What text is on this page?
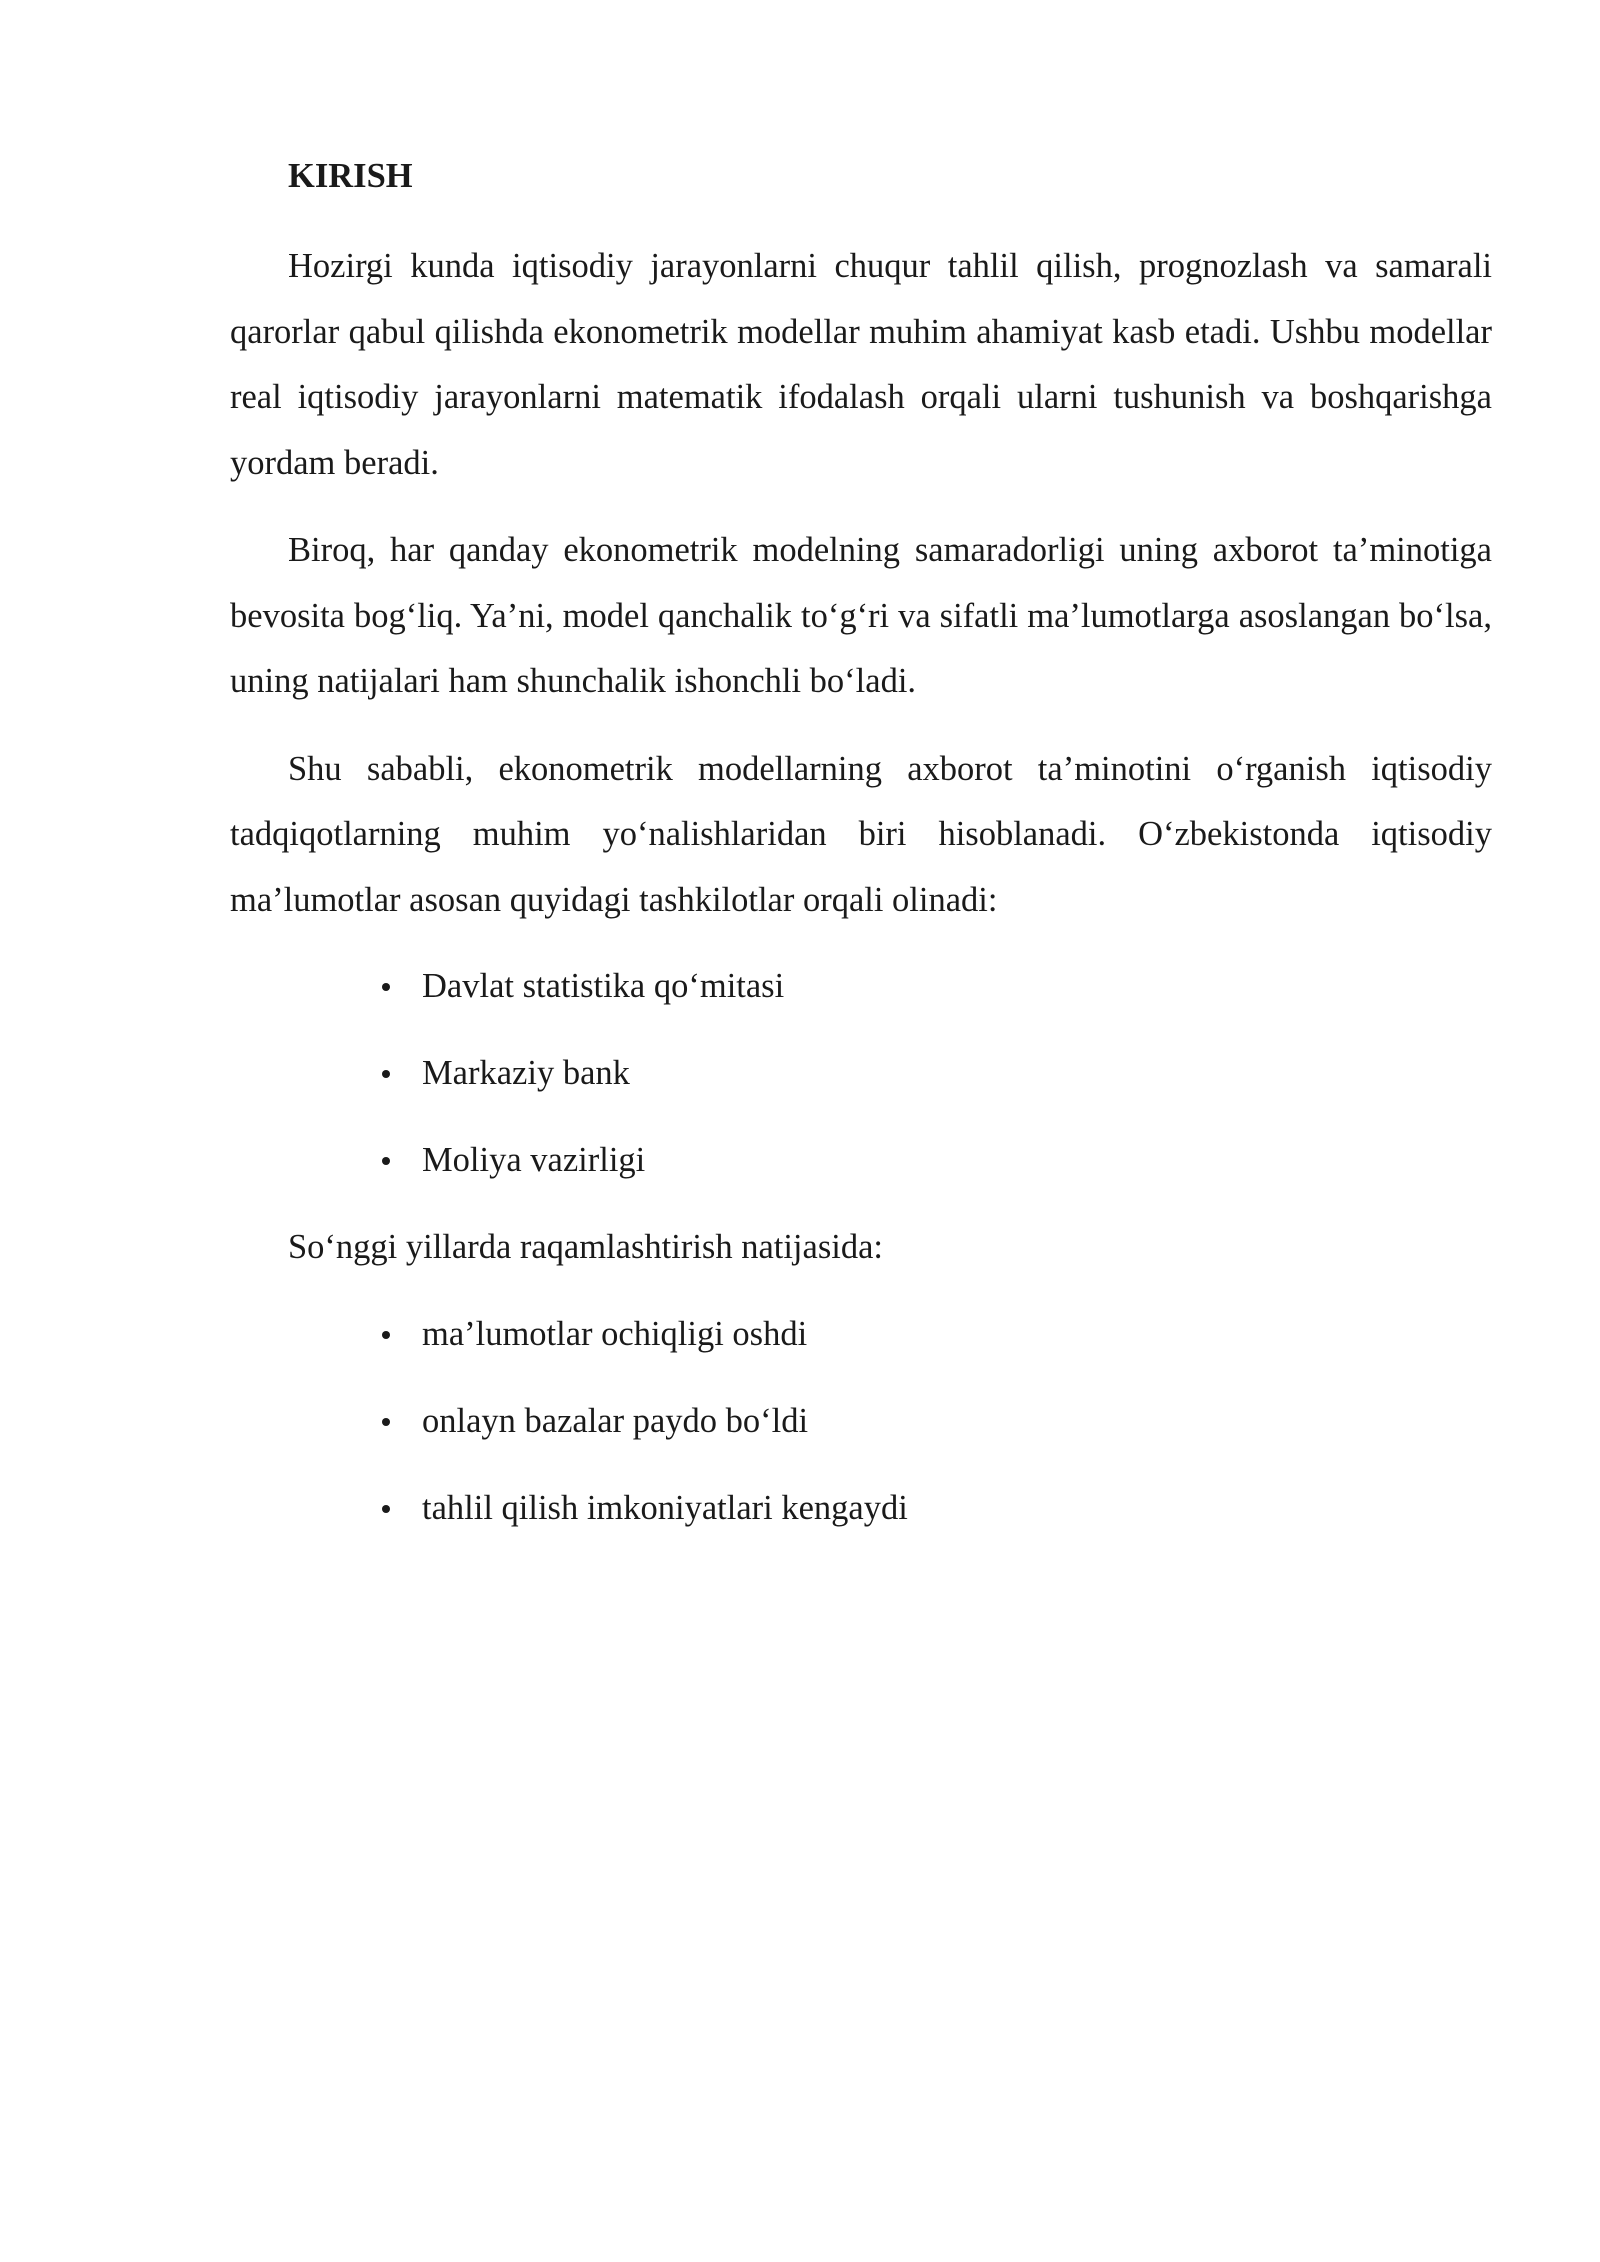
KIRISH

Hozirgi kunda iqtisodiy jarayonlarni chuqur tahlil qilish, prognozlash va samarali qarorlar qabul qilishda ekonometrik modellar muhim ahamiyat kasb etadi. Ushbu modellar real iqtisodiy jarayonlarni matematik ifodalash orqali ularni tushunish va boshqarishga yordam beradi.

Biroq, har qanday ekonometrik modelning samaradorligi uning axborot ta’minotiga bevosita bog‘liq. Ya’ni, model qanchalik to‘g‘ri va sifatli ma’lumotlarga asoslangan bo‘lsa, uning natijalari ham shunchalik ishonchli bo‘ladi.

Shu sababli, ekonometrik modellarning axborot ta’minotini o‘rganish iqtisodiy tadqiqotlarning muhim yo‘nalishlaridan biri hisoblanadi. O‘zbekistonda iqtisodiy ma’lumotlar asosan quyidagi tashkilotlar orqali olinadi:

Davlat statistika qo‘mitasi
Markaziy bank
Moliya vazirligi

So‘nggi yillarda raqamlashtirish natijasida:

ma’lumotlar ochiqligi oshdi
onlayn bazalar paydo bo‘ldi
tahlil qilish imkoniyatlari kengaydi
